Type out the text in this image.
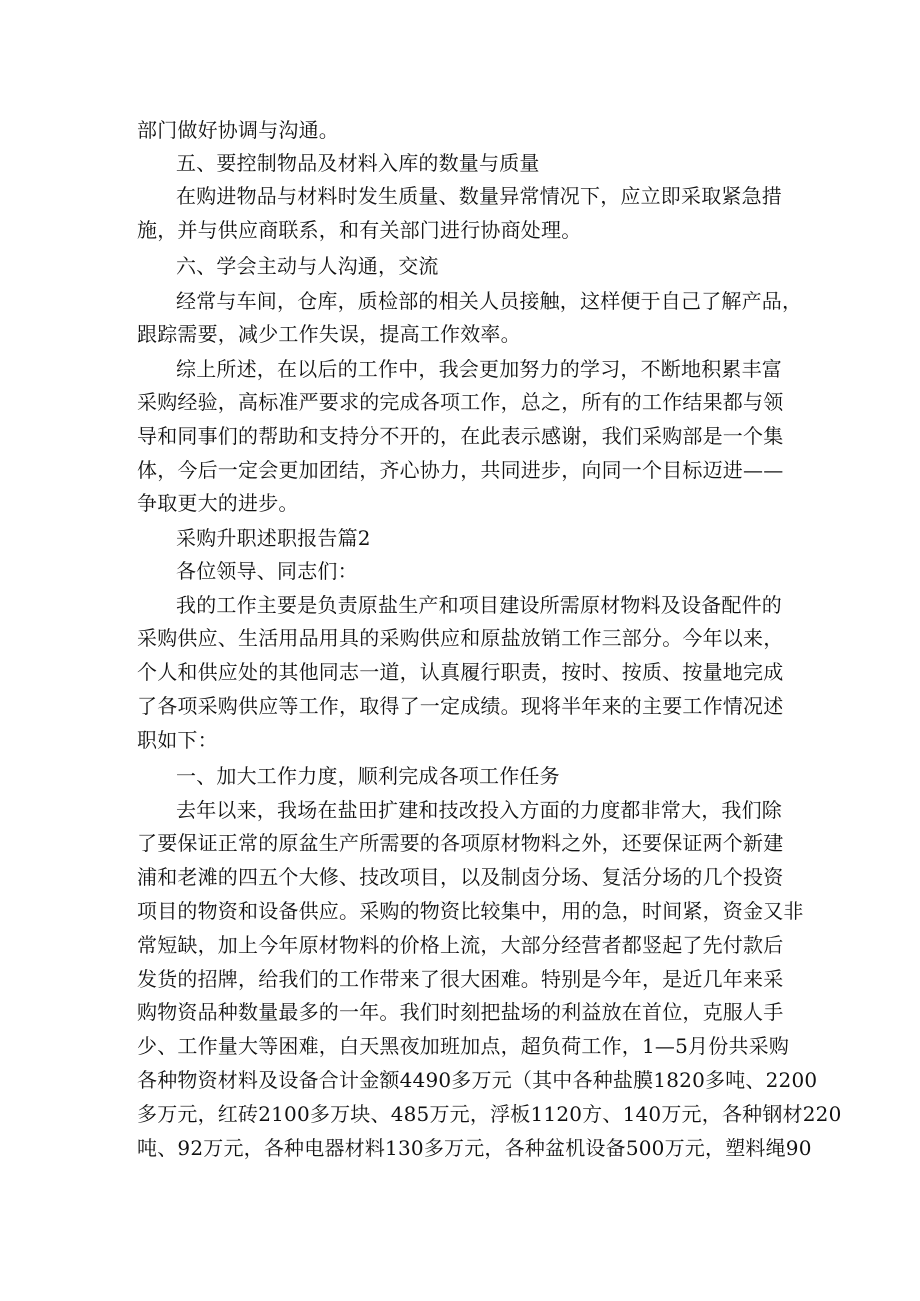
部门做好协调与沟通。

五、要控制物品及材料入库的数量与质量

在购进物品与材料时发生质量、数量异常情况下，应立即采取紧急措

施，并与供应商联系，和有关部门进行协商处理。

六、学会主动与人沟通，交流

经常与车间，仓库，质检部的相关人员接触，这样便于自己了解产品，

跟踪需要，减少工作失误，提高工作效率。

综上所述，在以后的工作中，我会更加努力的学习，不断地积累丰富

采购经验，高标准严要求的完成各项工作，总之，所有的工作结果都与领

导和同事们的帮助和支持分不开的，在此表示感谢，我们采购部是一个集

体，今后一定会更加团结，齐心协力，共同进步，向同一个目标迈进——

争取更大的进步。

采购升职述职报告篇2

各位领导、同志们：

我的工作主要是负责原盐生产和项目建设所需原材物料及设备配件的

采购供应、生活用品用具的采购供应和原盐放销工作三部分。今年以来，

个人和供应处的其他同志一道，认真履行职责，按时、按质、按量地完成

了各项采购供应等工作，取得了一定成绩。现将半年来的主要工作情况述

职如下：

一、加大工作力度，顺利完成各项工作任务

去年以来，我场在盐田扩建和技改投入方面的力度都非常大，我们除

了要保证正常的原盆生产所需要的各项原材物料之外，还要保证两个新建

浦和老滩的四五个大修、技改项目，以及制卤分场、复活分场的几个投资

项目的物资和设备供应。采购的物资比较集中，用的急，时间紧，资金又非

常短缺，加上今年原材物料的价格上流，大部分经营者都竖起了先付款后

发货的招牌，给我们的工作带来了很大困难。特别是今年，是近几年来采

购物资品种数量最多的一年。我们时刻把盐场的利益放在首位，克服人手

少、工作量大等困难，白天黑夜加班加点，超负荷工作，1—5月份共采购

各种物资材料及设备合计金额4490多万元（其中各种盐膜1820多吨、2200

多万元，红砖2100多万块、485万元，浮板1120方、140万元，各种钢材220

吨、92万元，各种电器材料130多万元，各种盆机设备500万元，塑料绳90
